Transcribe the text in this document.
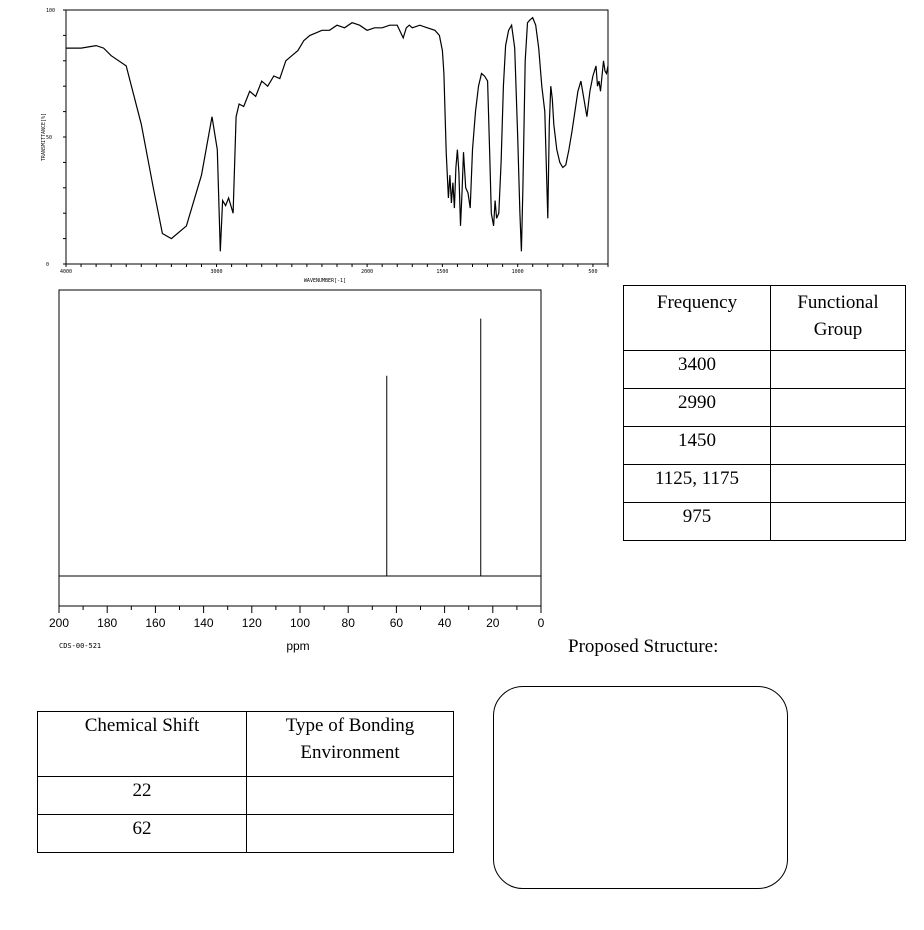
100
50
0
4000	3000	2000	1500	1000	500
TRANSMITTANCE[%]
WAVENUMBER[-1]
200 180 160 140 120 100	80	60	40	20	0
ppm
CDS-00-521
Frequency	Functional Group

3400	
2990	
1450	
1125, 1175	
975	
Proposed Structure:
Chemical Shift	Type of Bonding Environment

22	
62	
